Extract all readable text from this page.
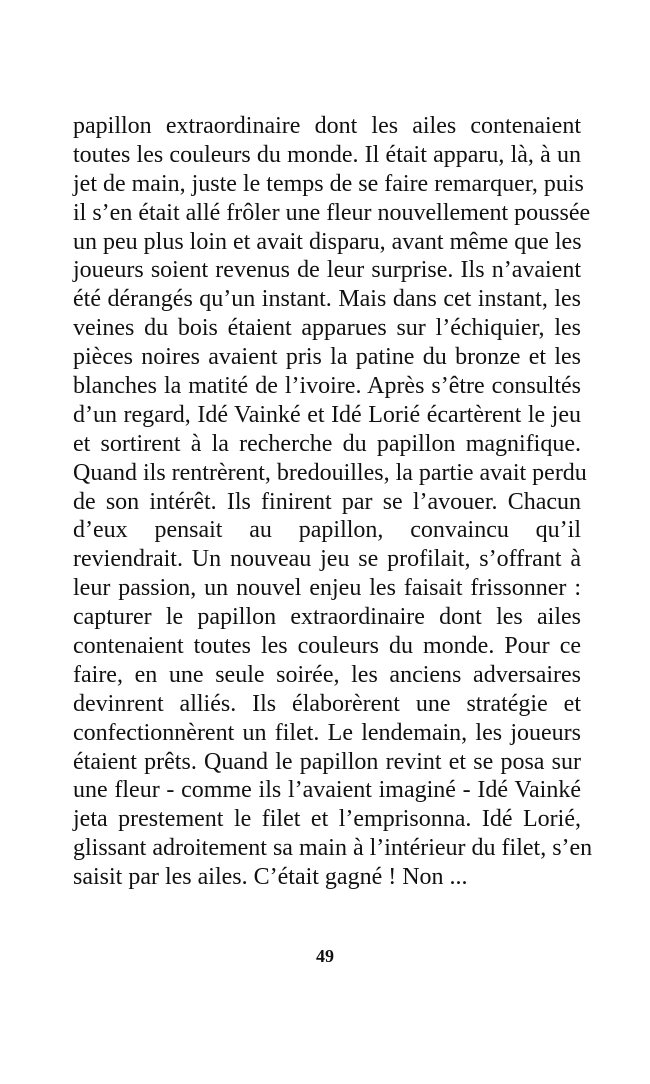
papillon extraordinaire dont les ailes contenaient
toutes les couleurs du monde. Il était apparu, là, à un
jet de main, juste le temps de se faire remarquer, puis
il s’en était allé frôler une fleur nouvellement poussée
un peu plus loin et avait disparu, avant même que les
joueurs soient revenus de leur surprise. Ils n’avaient
été dérangés qu’un instant. Mais dans cet instant, les
veines du bois étaient apparues sur l’échiquier, les
pièces noires avaient pris la patine du bronze et les
blanches la matité de l’ivoire. Après s’être consultés
d’un regard, Idé Vainké et Idé Lorié écartèrent le jeu
et sortirent à la recherche du papillon magnifique.
Quand ils rentrèrent, bredouilles, la partie avait perdu
de son intérêt. Ils finirent par se l’avouer. Chacun
d’eux pensait au papillon, convaincu qu’il
reviendrait. Un nouveau jeu se profilait, s’offrant à
leur passion, un nouvel enjeu les faisait frissonner :
capturer le papillon extraordinaire dont les ailes
contenaient toutes les couleurs du monde. Pour ce
faire, en une seule soirée, les anciens adversaires
devinrent alliés. Ils élaborèrent une stratégie et
confectionnèrent un filet. Le lendemain, les joueurs
étaient prêts. Quand le papillon revint et se posa sur
une fleur - comme ils l’avaient imaginé - Idé Vainké
jeta prestement le filet et l’emprisonna. Idé Lorié,
glissant adroitement sa main à l’intérieur du filet, s’en
saisit par les ailes. C’était gagné ! Non ...
49
